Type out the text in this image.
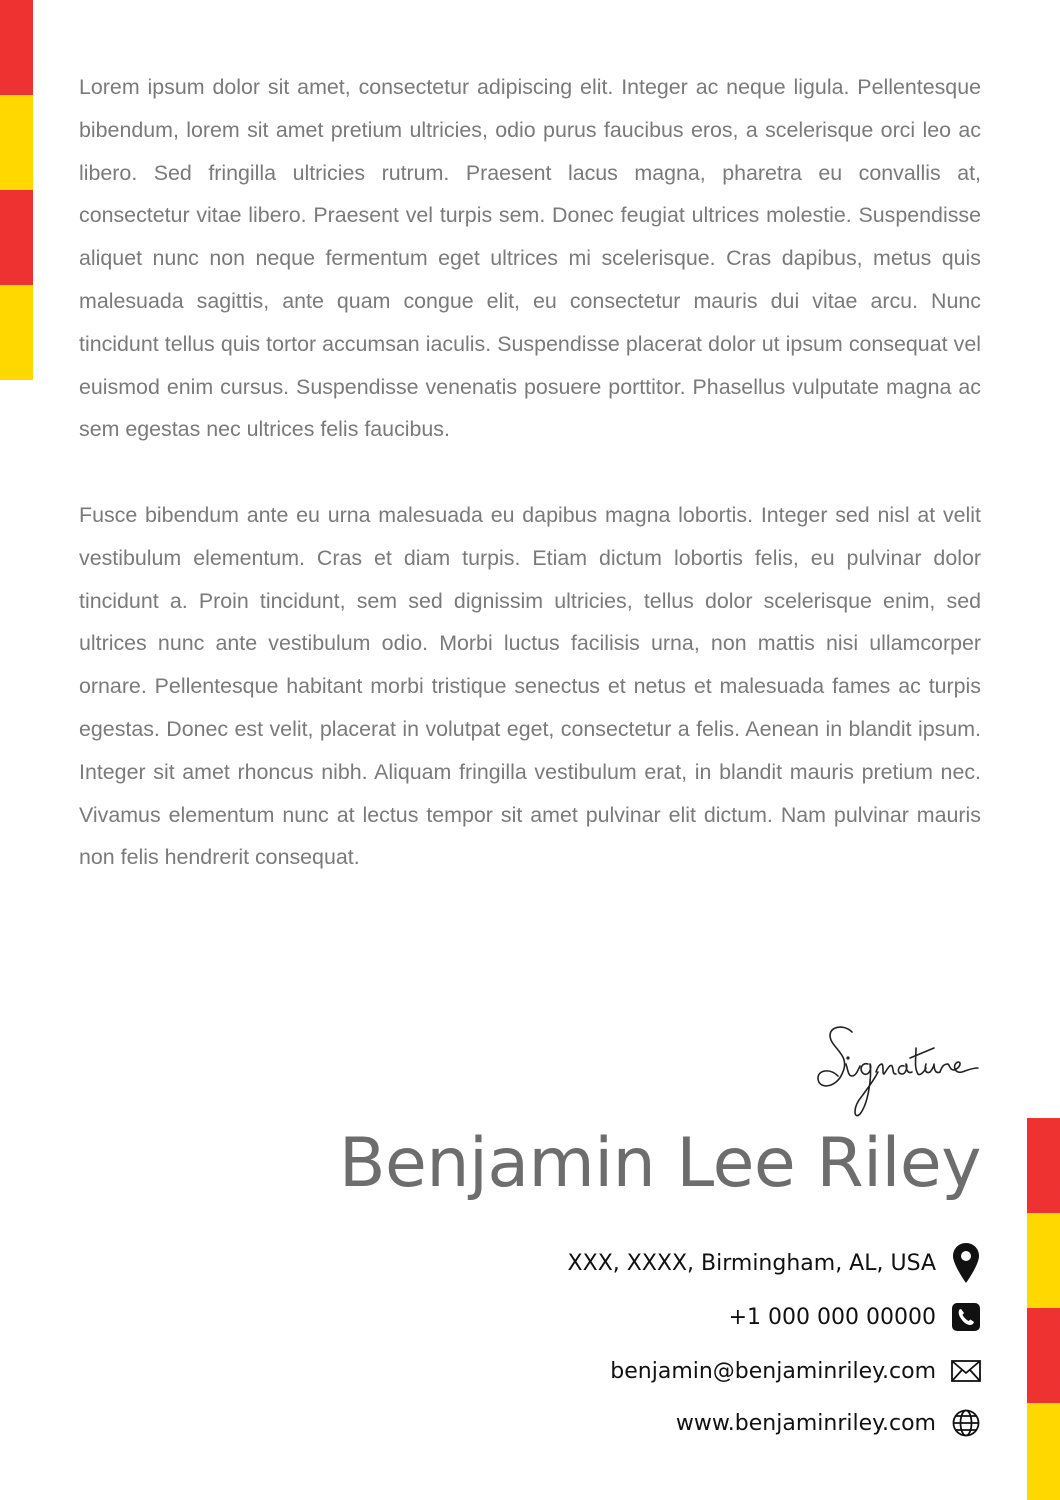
Lorem ipsum dolor sit amet, consectetur adipiscing elit. Integer ac neque ligula. Pellentesque bibendum, lorem sit amet pretium ultricies, odio purus faucibus eros, a scelerisque orci leo ac libero. Sed fringilla ultricies rutrum. Praesent lacus magna, pharetra eu convallis at, consectetur vitae libero. Praesent vel turpis sem. Donec feugiat ultrices molestie. Suspendisse aliquet nunc non neque fermentum eget ultrices mi scelerisque. Cras dapibus, metus quis malesuada sagittis, ante quam congue elit, eu consectetur mauris dui vitae arcu. Nunc tincidunt tellus quis tortor accumsan iaculis. Suspendisse placerat dolor ut ipsum consequat vel euismod enim cursus. Suspendisse venenatis posuere porttitor. Phasellus vulputate magna ac sem egestas nec ultrices felis faucibus.

Fusce bibendum ante eu urna malesuada eu dapibus magna lobortis. Integer sed nisl at velit vestibulum elementum. Cras et diam turpis. Etiam dictum lobortis felis, eu pulvinar dolor tincidunt a. Proin tincidunt, sem sed dignissim ultricies, tellus dolor scelerisque enim, sed ultrices nunc ante vestibulum odio. Morbi luctus facilisis urna, non mattis nisi ullamcorper ornare. Pellentesque habitant morbi tristique senectus et netus et malesuada fames ac turpis egestas. Donec est velit, placerat in volutpat eget, consectetur a felis. Aenean in blandit ipsum. Integer sit amet rhoncus nibh. Aliquam fringilla vestibulum erat, in blandit mauris pretium nec. Vivamus elementum nunc at lectus tempor sit amet pulvinar elit dictum. Nam pulvinar mauris non felis hendrerit consequat.

Benjamin Lee Riley
XXX, XXXX, Birmingham, AL, USA
+1 000 000 00000
benjamin@benjaminriley.com
www.benjaminriley.com
